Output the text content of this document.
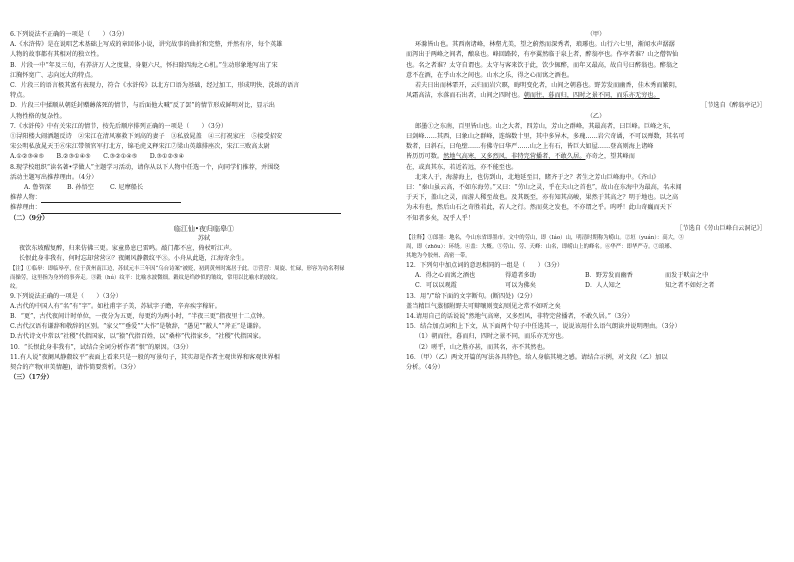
6.下列说法不正确的一项是（　　）（3分）
A.《水浒传》是在说唱艺术基础上写成的章回体小说，讲究故事的曲折和完整，并然有序，每个英雄
人物的故事都有其相对的独立性。
B．片段一中“年及三旬，有养济万人之度量，身躯六尺，怀扫除四海之心机。”生动形象地写出了宋
江胸怀宽广、志向远大的特点。
C．片段三的语言极其富有表现力，符合《水浒传》以北方口语为基础，经过加工，形成明快、洗练的语言
特点。
D．片段三中揉顺从朝廷封赠薅落死的情节，与后面他大喊“反了罢”的情节形成鲜明对比，显示出
人物性格的复杂性。
7.《水浒传》中有关宋江的情节，按先后顺序排列正确的一项是（　　）（3分）
①浔阳楼大闹洒题反诗　②宋江在清风寨救下刘高的妻子　③私放晁盖　④三打祝家庄　⑤接受招安
宋公明私放晁天王⑥宋江带领官军打北方，锦毛虎义释宋江⑦梁山英雄排座次，宋江三败高太尉
A.①②③④⑤　　B.②③①④⑤　　C.③②①④⑤　　D.③①②⑤④
8.现学校组织“读名著•学做人”主题学习活动，请你从以下人物中任选一个，向同学们推荐，并围绕
活动主题写出推荐理由。（4分）
A. 鲁智深	B. 孙悟空	C. 尼摩船长
推荐人物：
推荐理由：
（二）（9分）
临江仙•夜归临皋①
苏轼
夜饮东坡醒复醉，归来仿佛三更。家童鼻息已雷鸣。敲门都不应，倚杖听江声。
长恨此身非我有，何时忘却营营②？夜阑风静縠纹平③。小舟从此逝，江海寄余生。
【注】①临皋：即临皋亭，位于黄州南江边，苏轼元丰三年因“乌台诗案”被贬，初到黄州时寓居于此。②营营：周旋、忙碌，形容为功名利禄
而操劳，这里指为身外的事奔走。③縠（hú）纹平：比喻水波微细。縠纹是绉纱似的皱纹，常用以比喻水的波纹。
纹。
9.下列说法正确的一项是（　　）（3分）
A.古代的中国人有“名”有“字”。如杜甫字子美，苏轼字子瞻，辛弃疾字稼轩。
B．“更”，古代夜间计时单位，一夜分为五更，每更约为两小时，“半夜三更”指夜里十二点钟。
C.古代汉语有谦辞和敬辞的区别。“家父”“垂爱”“大作”是敬辞，“愚见”“敝人”“斧正”是谦辞。
D.古代诗文中常以“社稷”代指国家，以“猿”代指百姓，以“桑梓”代指家乡，“社稷”代指国家。
10．“长恨此身非我有”，试结合全词分析作者“恨”的原因。（3分）
11.有人说“夜阑风静縠纹平”表面上看来只是一般的写景句子，其实却是作者主观世界和客观世界相
契合的产物(审美情趣)，请作简要赏析。（3分）
（三）（17分）
（甲）
环滁皆山也。其西南诸峰，林壑尤美，望之蔚然而深秀者，琅琊也。山行六七里，渐闻水声潺潺
而泻出于两峰之间者，酿泉也。峰回路转，有亭翼然临于泉上者，醉翁亭也。作亭者谁？山之僧智仙
也。名之者谁？太守自谓也。太守与客来饮于此，饮少辄醉，而年又最高，故自号曰醉翁也。醉翁之
意不在酒，在乎山水之间也。山水之乐，得之心而寓之酒也。
若夫日出而林霏开，云归而岩穴暝，晦明变化者，山间之朝暮也。野芳发而幽香，佳木秀而繁阴，
风霜高洁，水落而石出者，山间之四时也。朝而往，暮而归，四时之景不同，而乐亦无穷也。
［节选自《醉翁亭记》］
（乙）
郎墨①之东南，百里皆山也。山之大者，四芳山，芳山之群峰，其最高者，曰巨峰。巨峰之东，
曰剑峰……其西，曰象山之群峰，连绵数十里，其中多异木，多瑰……岩穴奇谲，不可以殚数，其名可
数者，曰斜石，曰龟壁……有佛寺曰华严……山之上有石，皆巨大如屋……登高则海上诸峰
皆历历可数。然地气高寒，又多烈风，非特完营播者，不敢久居。亦奇之，望其峰而
在，或真其东，若近若远，亦不能至也。
北来人于，海游海上，也仿到山，北地延至目，睹齐于之？者生之芳山巨峰海中。《齐山》
曰：“秦山虽云高，不如东海劳。”又曰：“劳山之灵，乎在夫山之首也”，故山在东海中为最高，名未闻
于天下，盖山之灵，而游人稀至故也。及其既至，亦有知其高峻，果然于其高之？明于地也。以之高
为未有也，然后山石之奇胜若此，若人之行。然而莫之发也，不亦谓之乎。呜呼！此山奇巍而天下
不知者多矣，况乎人乎！
［节选自《劳山巨峰白云洞记》］
【注释】①郎墨：地名，今山东省即墨市。文中的劳山，即（Iáo）山，明清时期称为崂山。②垣（yuán）：高大，③
周，即（zhōu）：环绕。④盖：大概。⑤劳山、劳、天峰：山名，即崂山上的峰名。⑥华严：即华严寺。⑦琅琊、
其地为今胶州、高密一带。
12．下列句中加点词的意思相同的一组是（　　）（3分）
A．得之心而寓之酒也	得道者多助	B．野芳发而幽香	而发于畎亩之中
C．可以以观霞	可以为佛矣	D．人人知之	知之者不如好之者
13．用“/”给下面的文字断句。(断四处)（2分）
盖当精巨气蒸郁附野夫可辩嚷则变幻则见之常不如听之矣
14.请用自己的话说说“然地气高寒，又多烈风，非特完营播者，不敢久居。”（3分）
15．结合加点词和上下文，从下面两个句子中任选其一，说说该用什么语气朗读并说明理由。（3分）
（1）朝而往，暮而归，四时之景不同，而乐亦无穷也。
（2）嗟乎，山之胜亦甚，而其名，亦不其然也。
16．（甲）（乙）两文开篇的写法各具特色，给人身临其境之感。请结合示例，对文段（乙）加以
分析。（4分）
